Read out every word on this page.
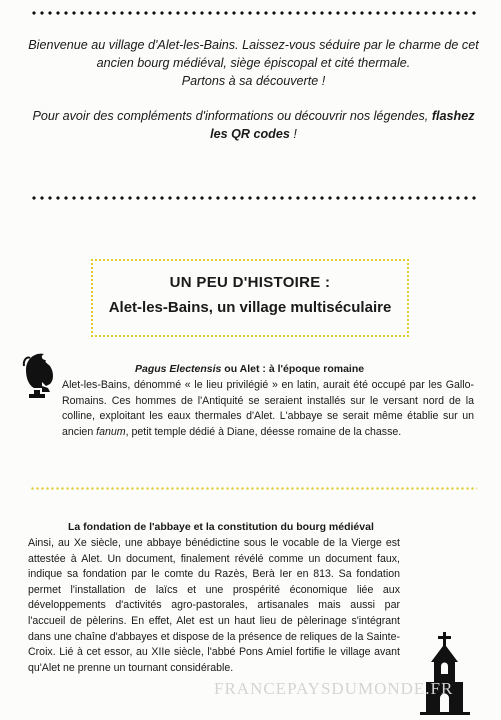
Bienvenue au village d'Alet-les-Bains. Laissez-vous séduire par le charme de cet ancien bourg médiéval, siège épiscopal et cité thermale.

Partons à sa découverte !

Pour avoir des compléments d'informations ou découvrir nos légendes, flashez les QR codes !

UN PEU D'HISTOIRE :
Alet-les-Bains, un village multiséculaire
Pagus Electensis ou Alet : à l'époque romaine
Alet-les-Bains, dénommé « le lieu privilégié » en latin, aurait été occupé par les Gallo-Romains. Ces hommes de l'Antiquité se seraient installés sur le versant nord de la colline, exploitant les eaux thermales d'Alet. L'abbaye se serait même établie sur un ancien fanum, petit temple dédié à Diane, déesse romaine de la chasse.
La fondation de l'abbaye et la constitution du bourg médiéval
Ainsi, au Xe siècle, une abbaye bénédictine sous le vocable de la Vierge est attestée à Alet. Un document, finalement révélé comme un document faux, indique sa fondation par le comte du Razès, Berà Ier en 813. Sa fondation permet l'installation de laïcs et une prospérité économique liée aux développements d'activités agro-pastorales, artisanales mais aussi par l'accueil de pèlerins. En effet, Alet est un haut lieu de pèlerinage s'intégrant dans une chaîne d'abbayes et dispose de la présence de reliques de la Sainte-Croix. Lié à cet essor, au XIIe siècle, l'abbé Pons Amiel fortifie le village avant qu'Alet ne prenne un tournant considérable.
FRANCEPAYSDUMONDE.FR
